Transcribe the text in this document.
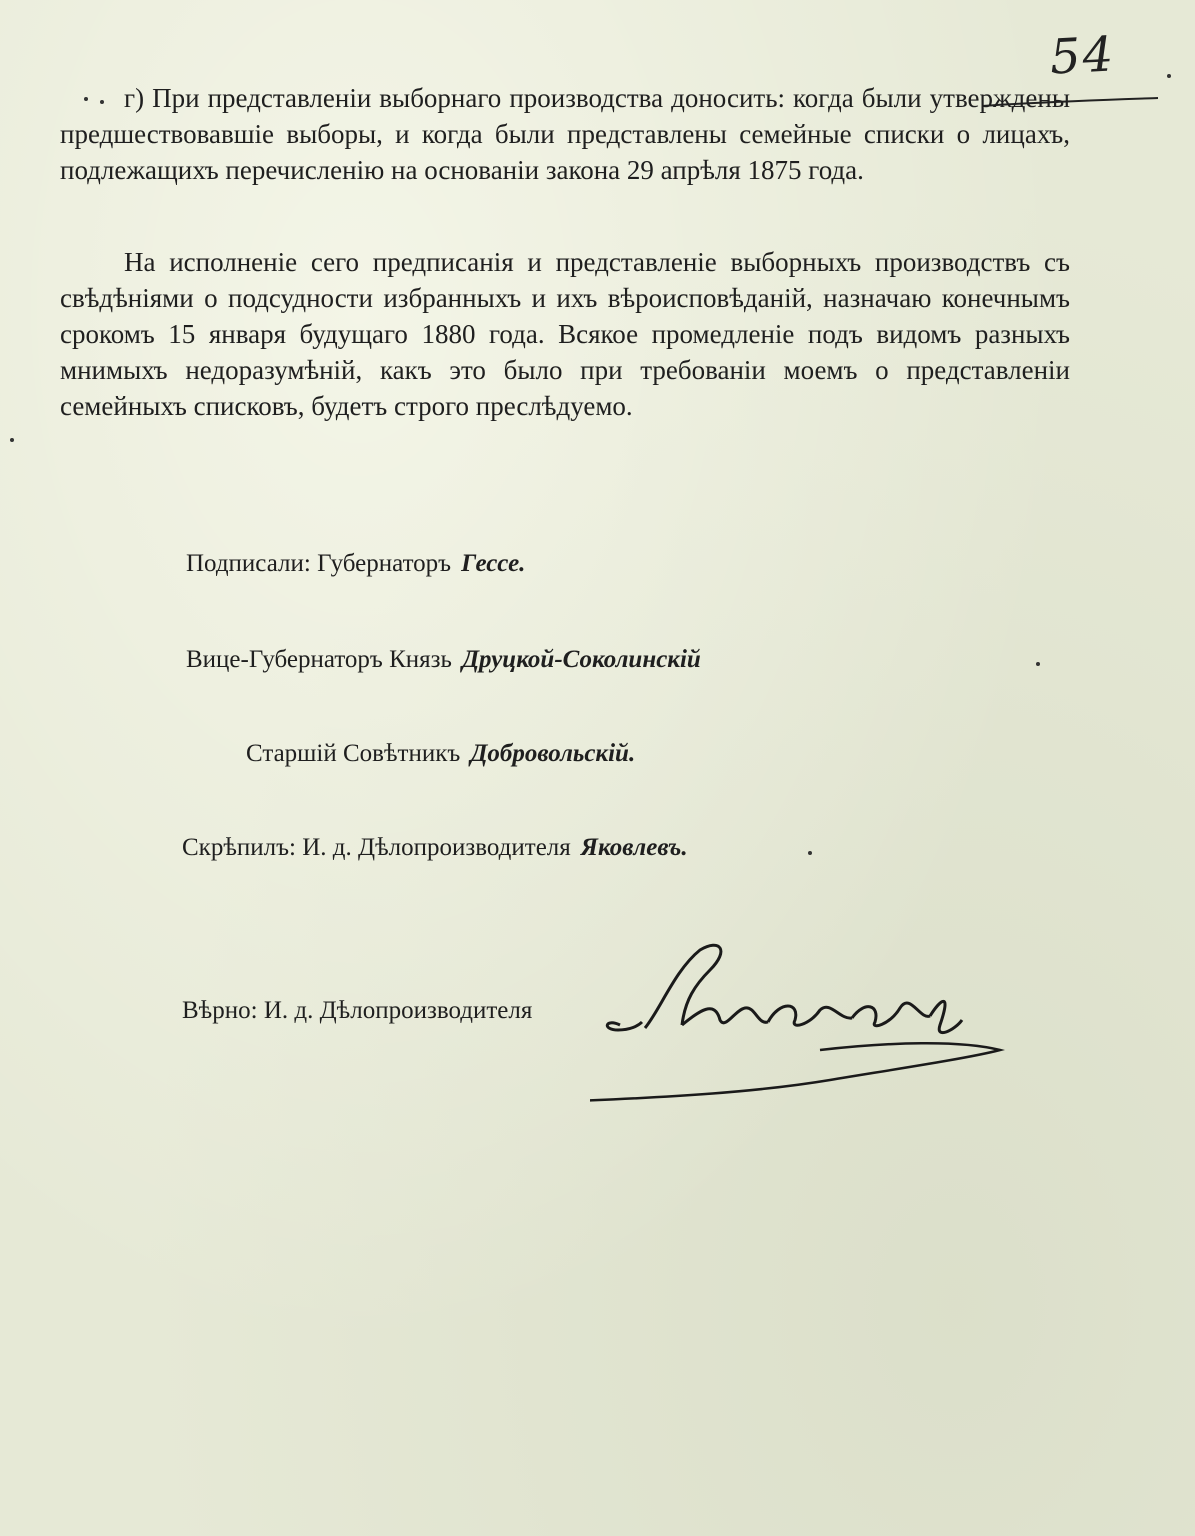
54

г) При представленіи выборнаго производства доносить: когда были утверждены предшествовавшіе выборы, и когда были представлены семейные списки о лицахъ, подлежащихъ перечисленію на основаніи закона 29 апрѣля 1875 года.

На исполненіе сего предписанія и представленіе выборныхъ производствъ съ свѣдѣніями о подсудности избранныхъ и ихъ вѣроисповѣданій, назначаю конечнымъ срокомъ 15 января будущаго 1880 года. Всякое промедленіе подъ видомъ разныхъ мнимыхъ недоразумѣній, какъ это было при требованіи моемъ о представленіи семейныхъ списковъ, будетъ строго преслѣдуемо.

Подписали: Губернаторъ Гессе.
Вице-Губернаторъ Князь Друцкой-Соколинскій
Старшій Совѣтникъ Добровольскій.
Скрѣпилъ: И. д. Дѣлопроизводителя Яковлевъ.
Вѣрно: И. д. Дѣлопроизводителя
